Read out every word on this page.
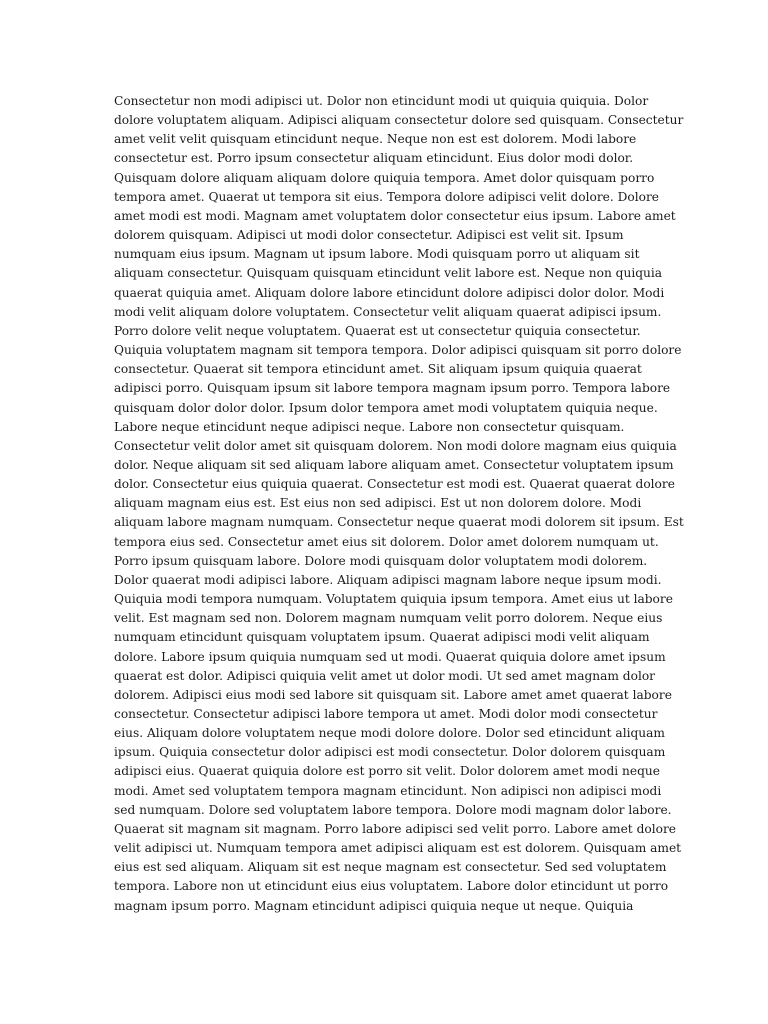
Consectetur non modi adipisci ut. Dolor non etincidunt modi ut quiquia quiquia. Dolor
dolore voluptatem aliquam. Adipisci aliquam consectetur dolore sed quisquam. Consectetur
amet velit velit quisquam etincidunt neque. Neque non est est dolorem. Modi labore
consectetur est. Porro ipsum consectetur aliquam etincidunt. Eius dolor modi dolor.
Quisquam dolore aliquam aliquam dolore quiquia tempora. Amet dolor quisquam porro
tempora amet. Quaerat ut tempora sit eius. Tempora dolore adipisci velit dolore. Dolore
amet modi est modi. Magnam amet voluptatem dolor consectetur eius ipsum. Labore amet
dolorem quisquam. Adipisci ut modi dolor consectetur. Adipisci est velit sit. Ipsum
numquam eius ipsum. Magnam ut ipsum labore. Modi quisquam porro ut aliquam sit
aliquam consectetur. Quisquam quisquam etincidunt velit labore est. Neque non quiquia
quaerat quiquia amet. Aliquam dolore labore etincidunt dolore adipisci dolor dolor. Modi
modi velit aliquam dolore voluptatem. Consectetur velit aliquam quaerat adipisci ipsum.
Porro dolore velit neque voluptatem. Quaerat est ut consectetur quiquia consectetur.
Quiquia voluptatem magnam sit tempora tempora. Dolor adipisci quisquam sit porro dolore
consectetur. Quaerat sit tempora etincidunt amet. Sit aliquam ipsum quiquia quaerat
adipisci porro. Quisquam ipsum sit labore tempora magnam ipsum porro. Tempora labore
quisquam dolor dolor dolor. Ipsum dolor tempora amet modi voluptatem quiquia neque.
Labore neque etincidunt neque adipisci neque. Labore non consectetur quisquam.
Consectetur velit dolor amet sit quisquam dolorem. Non modi dolore magnam eius quiquia
dolor. Neque aliquam sit sed aliquam labore aliquam amet. Consectetur voluptatem ipsum
dolor. Consectetur eius quiquia quaerat. Consectetur est modi est. Quaerat quaerat dolore
aliquam magnam eius est. Est eius non sed adipisci. Est ut non dolorem dolore. Modi
aliquam labore magnam numquam. Consectetur neque quaerat modi dolorem sit ipsum. Est
tempora eius sed. Consectetur amet eius sit dolorem. Dolor amet dolorem numquam ut.
Porro ipsum quisquam labore. Dolore modi quisquam dolor voluptatem modi dolorem.
Dolor quaerat modi adipisci labore. Aliquam adipisci magnam labore neque ipsum modi.
Quiquia modi tempora numquam. Voluptatem quiquia ipsum tempora. Amet eius ut labore
velit. Est magnam sed non. Dolorem magnam numquam velit porro dolorem. Neque eius
numquam etincidunt quisquam voluptatem ipsum. Quaerat adipisci modi velit aliquam
dolore. Labore ipsum quiquia numquam sed ut modi. Quaerat quiquia dolore amet ipsum
quaerat est dolor. Adipisci quiquia velit amet ut dolor modi. Ut sed amet magnam dolor
dolorem. Adipisci eius modi sed labore sit quisquam sit. Labore amet amet quaerat labore
consectetur. Consectetur adipisci labore tempora ut amet. Modi dolor modi consectetur
eius. Aliquam dolore voluptatem neque modi dolore dolore. Dolor sed etincidunt aliquam
ipsum. Quiquia consectetur dolor adipisci est modi consectetur. Dolor dolorem quisquam
adipisci eius. Quaerat quiquia dolore est porro sit velit. Dolor dolorem amet modi neque
modi. Amet sed voluptatem tempora magnam etincidunt. Non adipisci non adipisci modi
sed numquam. Dolore sed voluptatem labore tempora. Dolore modi magnam dolor labore.
Quaerat sit magnam sit magnam. Porro labore adipisci sed velit porro. Labore amet dolore
velit adipisci ut. Numquam tempora amet adipisci aliquam est est dolorem. Quisquam amet
eius est sed aliquam. Aliquam sit est neque magnam est consectetur. Sed sed voluptatem
tempora. Labore non ut etincidunt eius eius voluptatem. Labore dolor etincidunt ut porro
magnam ipsum porro. Magnam etincidunt adipisci quiquia neque ut neque. Quiquia
